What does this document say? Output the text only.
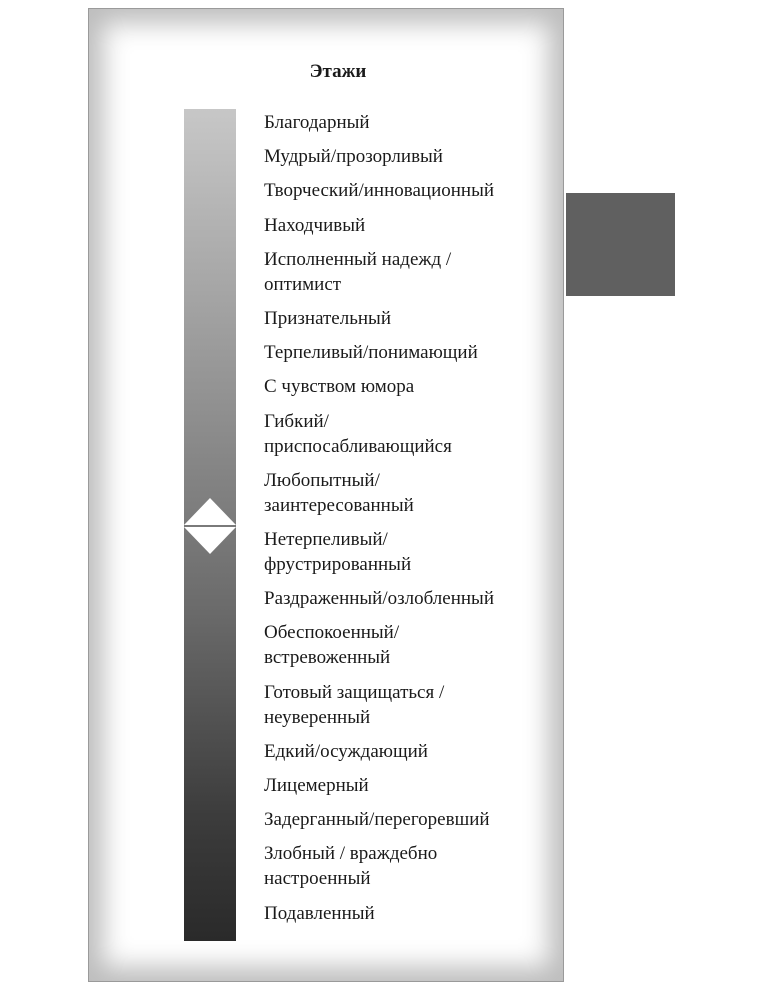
Этажи
Благодарный
Мудрый/прозорливый
Творческий/инновационный
Находчивый
Исполненный надежд /
оптимист
Признательный
Терпеливый/понимающий
С чувством юмора
Гибкий/
приспосабливающийся
Любопытный/
заинтересованный
Нетерпеливый/
фрустрированный
Раздраженный/озлобленный
Обеспокоенный/
встревоженный
Готовый защищаться /
неуверенный
Едкий/осуждающий
Лицемерный
Задерганный/перегоревший
Злобный / враждебно
настроенный
Подавленный
